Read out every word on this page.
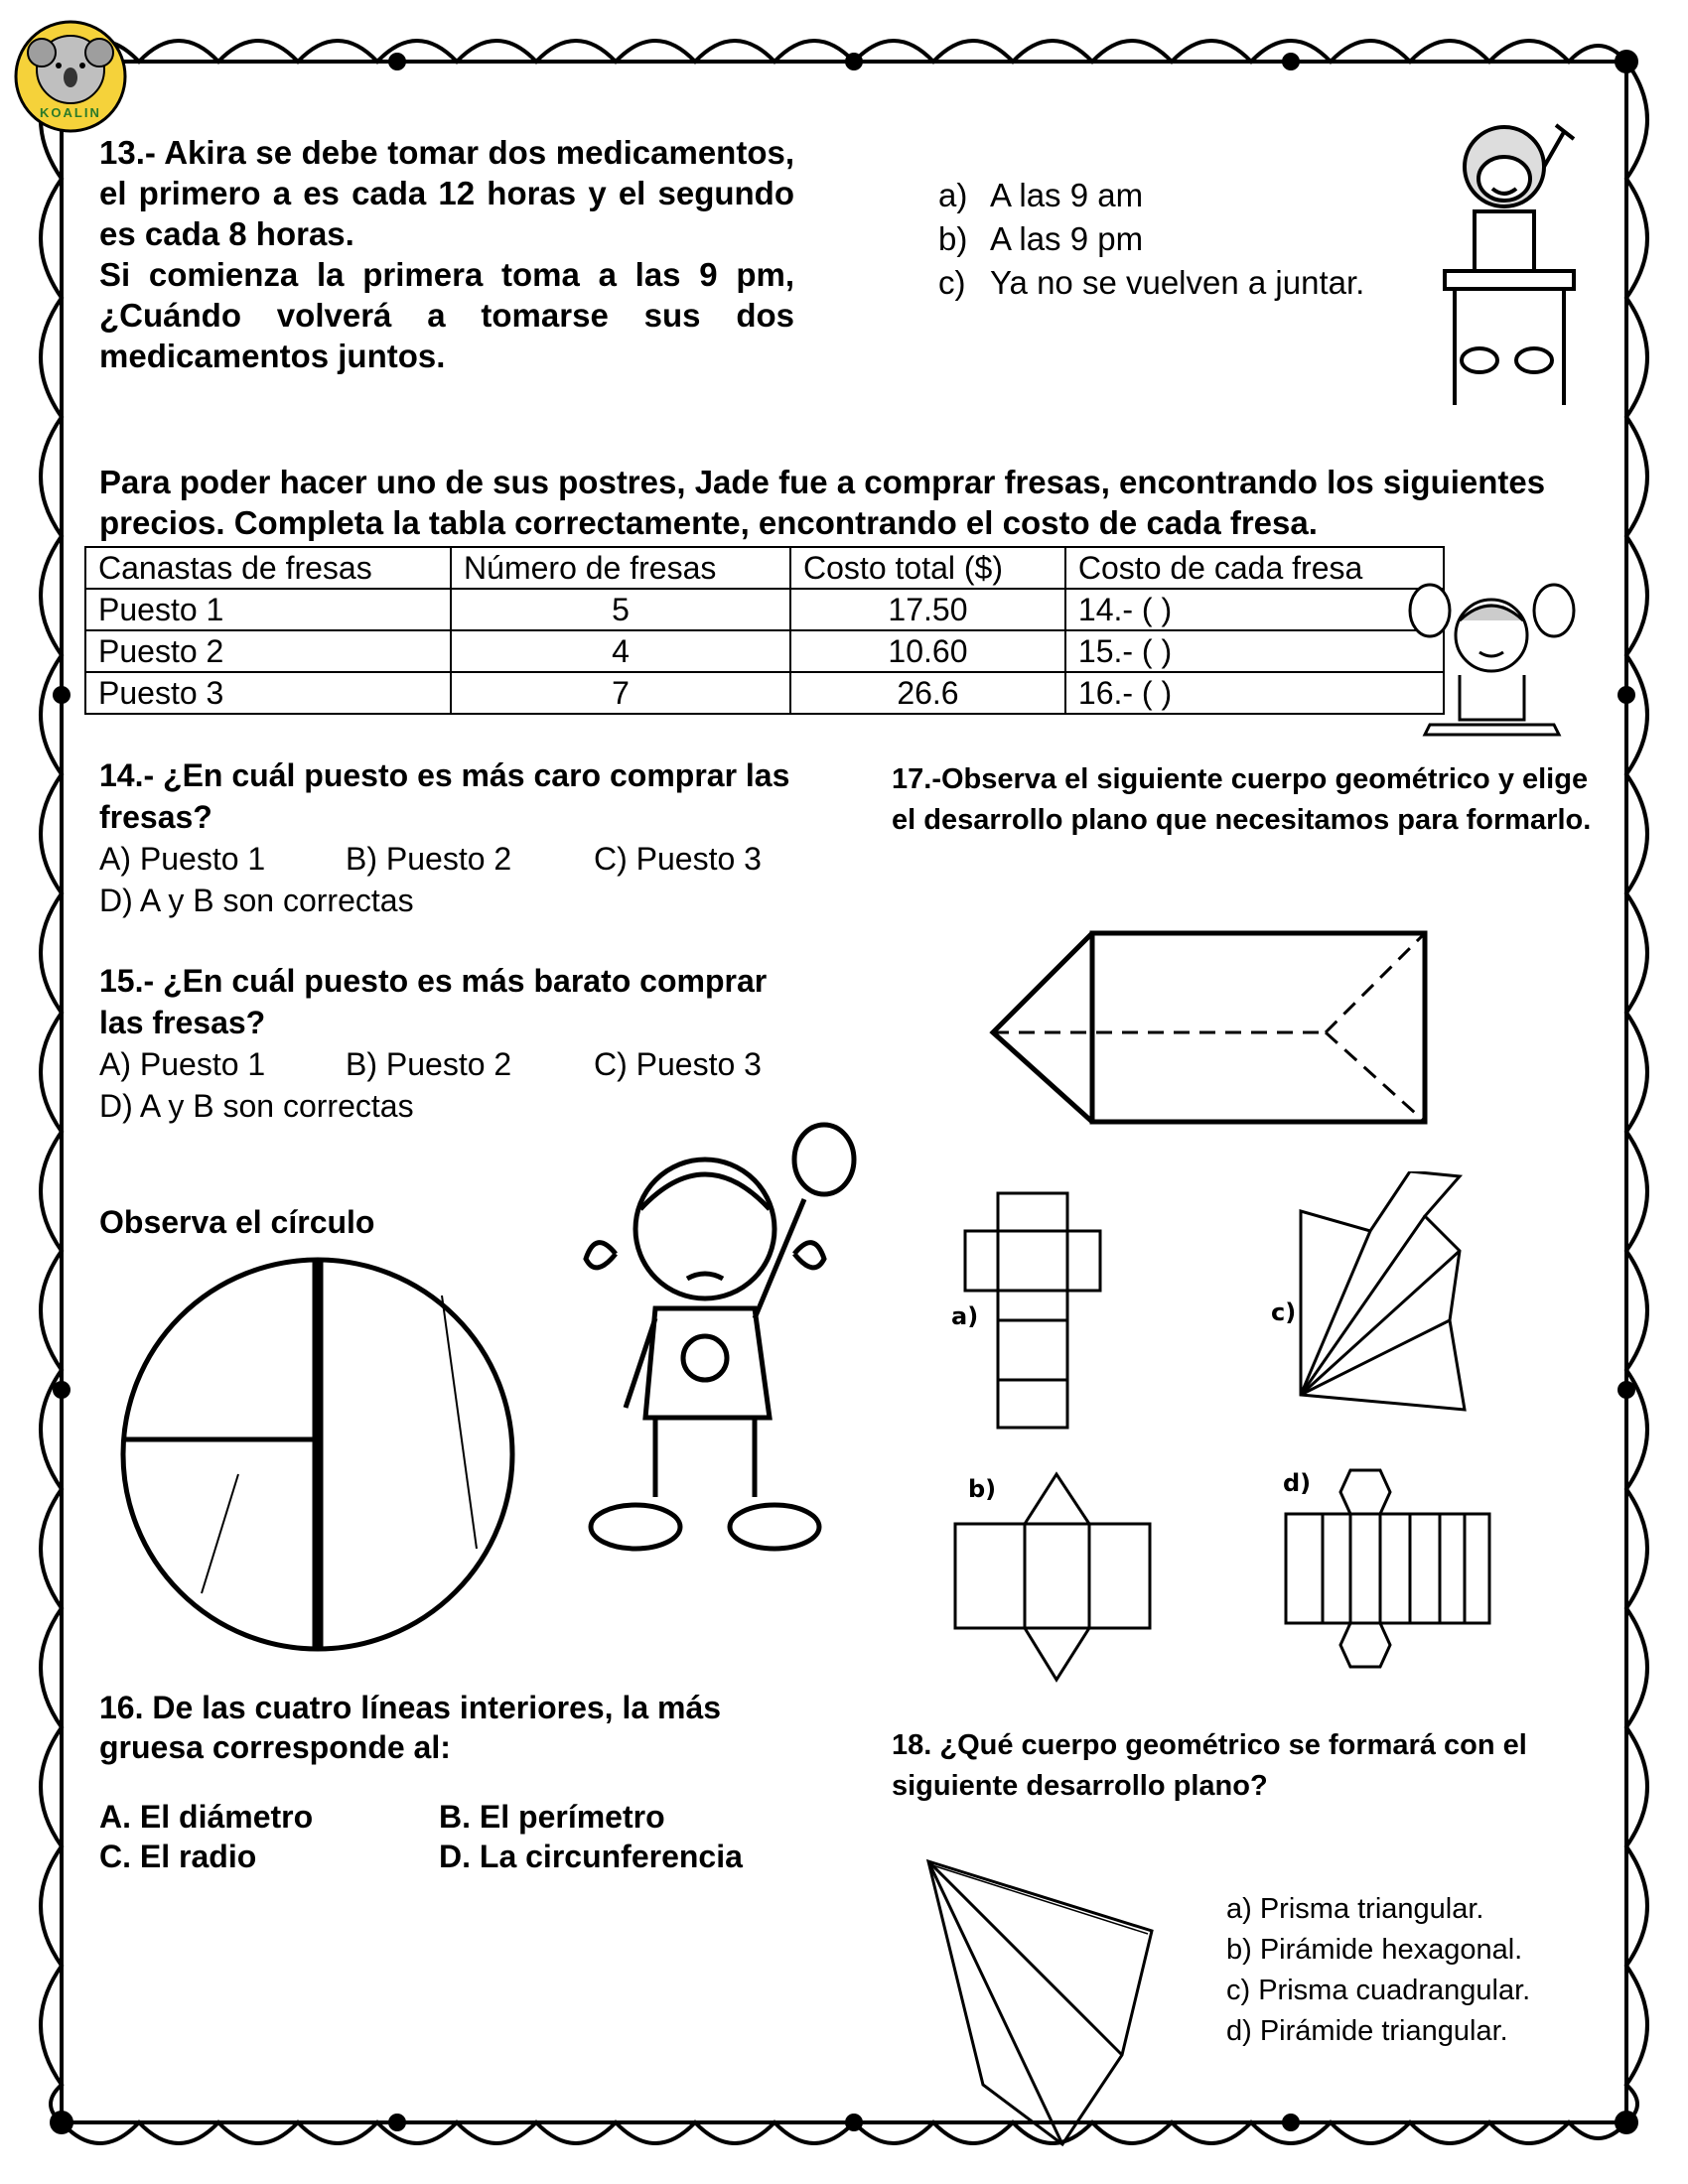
KOALIN

13.- Akira se debe tomar dos medicamentos, el primero a es cada 12 horas y el segundo es cada 8 horas.

Si comienza la primera toma a las 9 pm, ¿Cuándo volverá a tomarse sus dos medicamentos juntos.

a) A las 9 am
b) A las 9 pm
c) Ya no se vuelven a juntar.
Para poder hacer uno de sus postres, Jade fue a comprar fresas, encontrando los siguientes precios. Completa la tabla correctamente, encontrando el costo de cada fresa.
Canastas de fresas	Número de fresas	Costo total ($)	Costo de cada fresa
Puesto 1	5	17.50	14.- ( )
Puesto 2	4	10.60	15.- ( )
Puesto 3	7	26.6	16.- ( )
14.- ¿En cuál puesto es más caro comprar las fresas?
A) Puesto 1	B) Puesto 2	C) Puesto 3
D) A y B son correctas
15.- ¿En cuál puesto es más barato comprar las fresas?
A) Puesto 1	B) Puesto 2	C) Puesto 3
D) A y B son correctas
Observa el círculo
16. De las cuatro líneas interiores, la más gruesa corresponde al:
A. El diámetro	B. El perímetro
C. El radio	D. La circunferencia
17.-Observa el siguiente cuerpo geométrico y elige el desarrollo plano que necesitamos para formarlo.
a)	c)
b)	d)
18. ¿Qué cuerpo geométrico se formará con el siguiente desarrollo plano?
a) Prisma triangular.
b) Pirámide hexagonal.
c) Prisma cuadrangular.
d) Pirámide triangular.
